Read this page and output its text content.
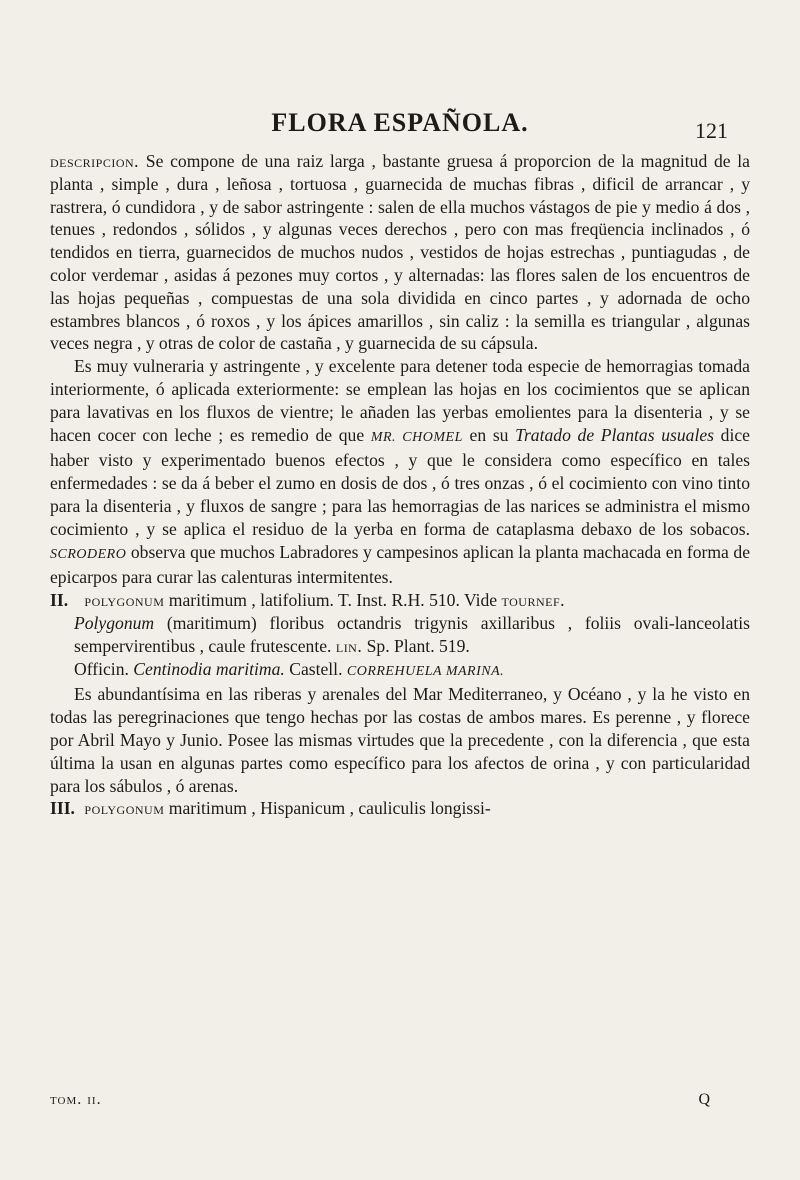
FLORA ESPAÑOLA.	121

descripcion. Se compone de una raiz larga , bastante gruesa á proporcion de la magnitud de la planta , simple , dura , leñosa , tortuosa , guarnecida de muchas fibras , dificil de arrancar , y rastrera, ó cundidora , y de sabor astringente : salen de ella muchos vástagos de pie y medio á dos , tenues , redondos , sólidos , y algunas veces derechos , pero con mas freqüencia inclinados , ó tendidos en tierra, guarnecidos de muchos nudos , vestidos de hojas estrechas , puntiagudas , de color verdemar , asidas á pezones muy cortos , y alternadas: las flores salen de los encuentros de las hojas pequeñas , compuestas de una sola dividida en cinco partes , y adornada de ocho estambres blancos , ó roxos , y los ápices amarillos , sin caliz : la semilla es triangular , algunas veces negra , y otras de color de castaña , y guarnecida de su cápsula.

Es muy vulneraria y astringente , y excelente para detener toda especie de hemorragias tomada interiormente, ó aplicada exteriormente: se emplean las hojas en los cocimientos que se aplican para lavativas en los fluxos de vientre; le añaden las yerbas emolientes para la disenteria , y se hacen cocer con leche ; es remedio de que MR. CHOMEL en su Tratado de Plantas usuales dice haber visto y experimentado buenos efectos , y que le considera como específico en tales enfermedades : se da á beber el zumo en dosis de dos , ó tres onzas , ó el cocimiento con vino tinto para la disenteria , y fluxos de sangre ; para las hemorragias de las narices se administra el mismo cocimiento , y se aplica el residuo de la yerba en forma de cataplasma debaxo de los sobacos. SCRODERO observa que muchos Labradores y campesinos aplican la planta machacada en forma de epicarpos para curar las calenturas intermitentes.

II. polygonum maritimum , latifolium. T. Inst. R.H. 510. Vide tournef.

Polygonum (maritimum) floribus octandris trigynis axillaribus , foliis ovali-lanceolatis sempervirentibus , caule frutescente. lin. Sp. Plant. 519.

Officin. Centinodia maritima. Castell. CORREHUELA MARINA.

Es abundantísima en las riberas y arenales del Mar Mediterraneo, y Océano , y la he visto en todas las peregrinaciones que tengo hechas por las costas de ambos mares. Es perenne , y florece por Abril Mayo y Junio. Posee las mismas virtudes que la precedente , con la diferencia , que esta última la usan en algunas partes como específico para los afectos de orina , y con particularidad para los sábulos , ó arenas.

III. polygonum maritimum , Hispanicum , cauliculis longissi-

tom. ii.	Q
